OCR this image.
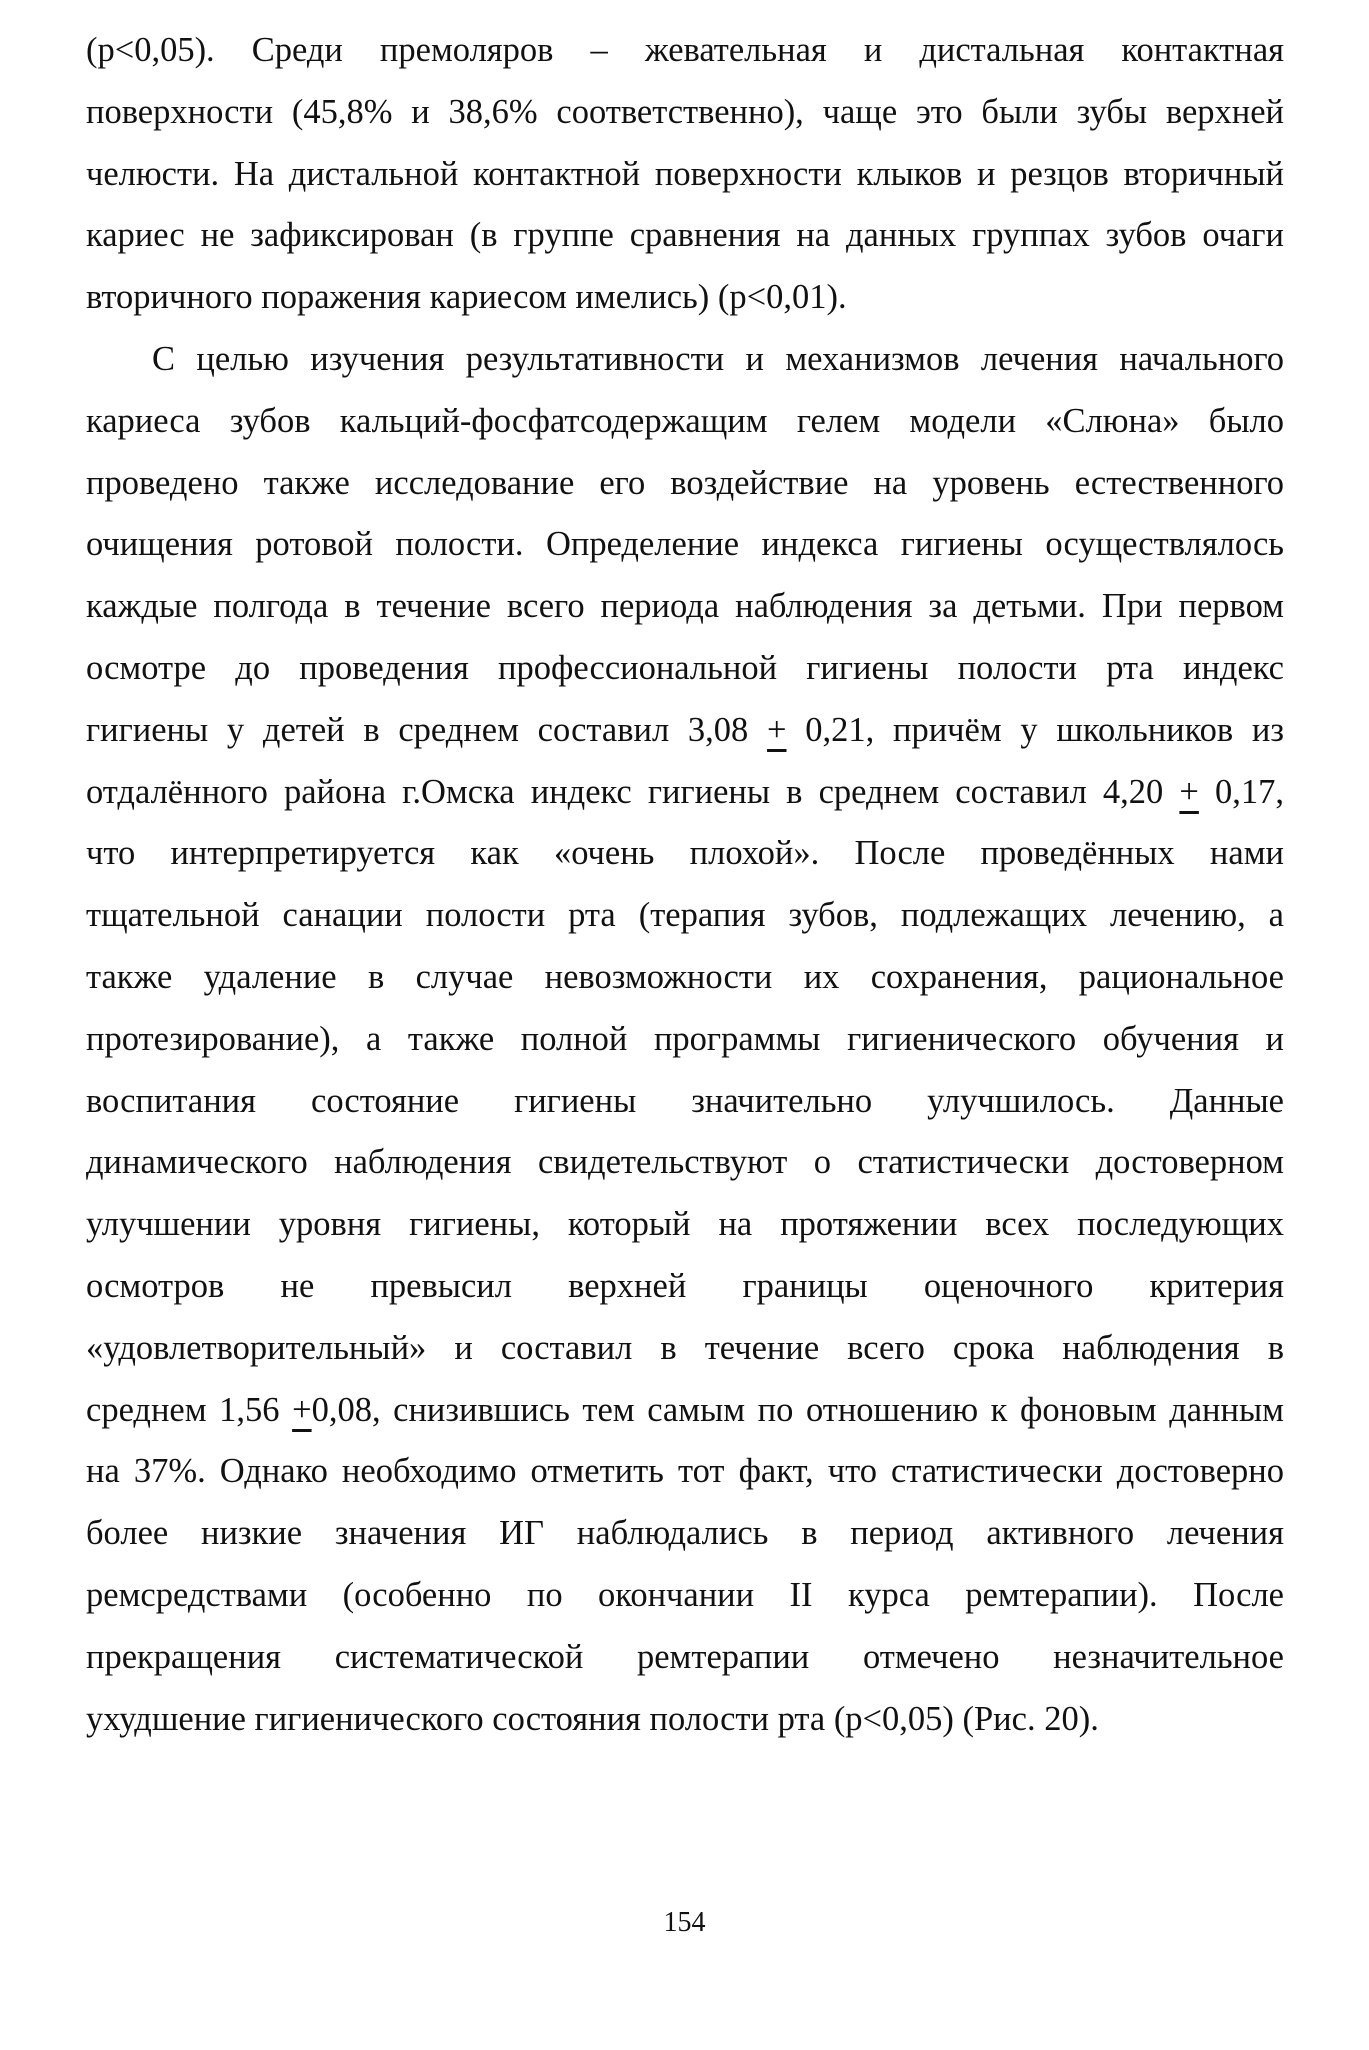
(р<0,05). Среди премоляров – жевательная и дистальная контактная
поверхности (45,8% и 38,6% соответственно), чаще это были зубы верхней
челюсти. На дистальной контактной поверхности клыков и резцов вторичный
кариес не зафиксирован (в группе сравнения на данных группах зубов очаги
вторичного поражения кариесом имелись) (р<0,01).
С целью изучения результативности и механизмов лечения начального
кариеса зубов кальций-фосфатсодержащим гелем модели «Слюна» было
проведено также исследование его воздействие на уровень естественного
очищения ротовой полости. Определение индекса гигиены осуществлялось
каждые полгода в течение всего периода наблюдения за детьми. При первом
осмотре до проведения профессиональной гигиены полости рта индекс
гигиены у детей в среднем составил 3,08 + 0,21, причём у школьников из
отдалённого района г.Омска индекс гигиены в среднем составил 4,20 + 0,17,
что интерпретируется как «очень плохой». После проведённых нами
тщательной санации полости рта (терапия зубов, подлежащих лечению, а
также удаление в случае невозможности их сохранения, рациональное
протезирование), а также полной программы гигиенического обучения и
воспитания состояние гигиены значительно улучшилось. Данные
динамического наблюдения свидетельствуют о статистически достоверном
улучшении уровня гигиены, который на протяжении всех последующих
осмотров не превысил верхней границы оценочного критерия
«удовлетворительный» и составил в течение всего срока наблюдения в
среднем 1,56 +0,08, снизившись тем самым по отношению к фоновым данным
на 37%. Однако необходимо отметить тот факт, что статистически достоверно
более низкие значения ИГ наблюдались в период активного лечения
ремсредствами (особенно по окончании II курса ремтерапии). После
прекращения систематической ремтерапии отмечено незначительное
ухудшение гигиенического состояния полости рта (р<0,05) (Рис. 20).
154
